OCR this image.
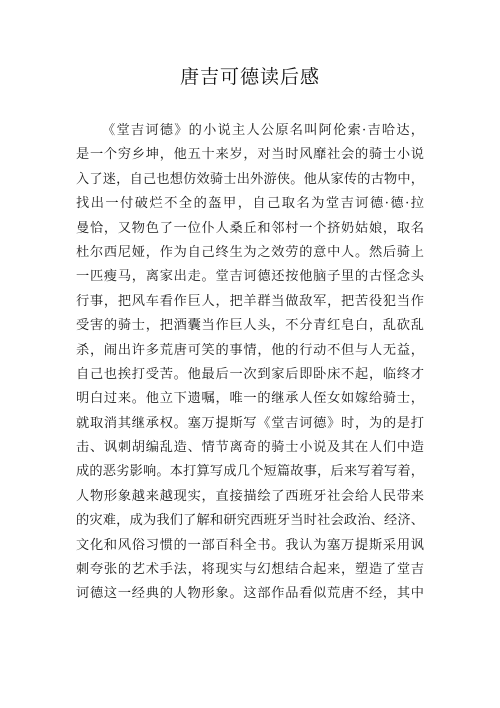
唐吉可德读后感
《堂吉诃德》的小说主人公原名叫阿伦索·吉哈达，
是一个穷乡坤，他五十来岁，对当时风靡社会的骑士小说
入了迷，自己也想仿效骑士出外游侠。他从家传的古物中，
找出一付破烂不全的盔甲，自己取名为堂吉诃德·德·拉
曼恰，又物色了一位仆人桑丘和邻村一个挤奶姑娘，取名
杜尔西尼娅，作为自己终生为之效劳的意中人。然后骑上
一匹瘦马，离家出走。堂吉诃德还按他脑子里的古怪念头
行事，把风车看作巨人，把羊群当做敌军，把苦役犯当作
受害的骑士，把酒囊当作巨人头，不分青红皂白，乱砍乱
杀，闹出许多荒唐可笑的事情，他的行动不但与人无益，
自己也挨打受苦。他最后一次到家后即卧床不起，临终才
明白过来。他立下遗嘱，唯一的继承人侄女如嫁给骑士，
就取消其继承权。塞万提斯写《堂吉诃德》时，为的是打
击、讽刺胡编乱造、情节离奇的骑士小说及其在人们中造
成的恶劣影响。本打算写成几个短篇故事，后来写着写着，
人物形象越来越现实，直接描绘了西班牙社会给人民带来
的灾难，成为我们了解和研究西班牙当时社会政治、经济、
文化和风俗习惯的一部百科全书。我认为塞万提斯采用讽
刺夸张的艺术手法，将现实与幻想结合起来，塑造了堂吉
诃德这一经典的人物形象。这部作品看似荒唐不经，其中
